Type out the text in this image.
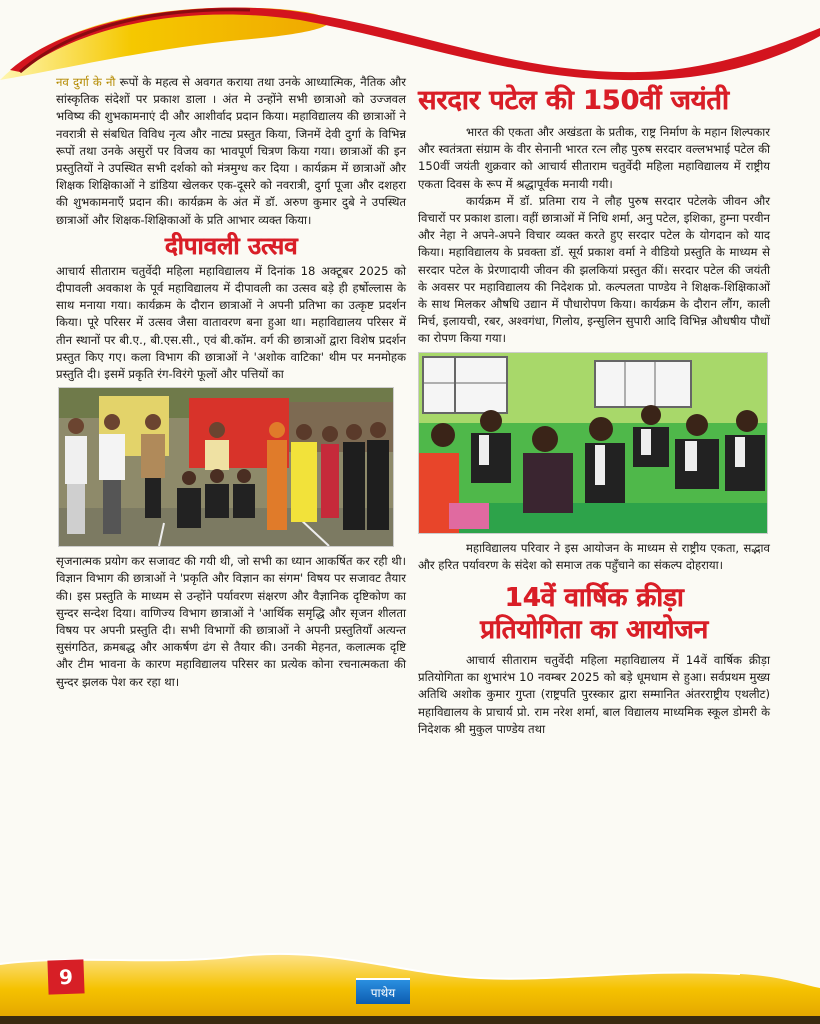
नव दुर्गा के नौ रूपों के महत्व से अवगत कराया तथा उनके आध्यात्मिक, नैतिक और सांस्कृतिक संदेशों पर प्रकाश डाला । अंत मे उन्होंने सभी छात्राओ को उज्जवल भविष्य की शुभकामनाएं दी और आशीर्वाद प्रदान किया। महाविद्यालय की छात्राओं ने नवरात्री से संबधित विविध नृत्य और नाट्य प्रस्तुत किया, जिनमें देवी दुर्गा के विभिन्न रूपों तथा उनके असुरों पर विजय का भावपूर्ण चित्रण किया गया। छात्राओं की इन प्रस्तुतियों ने उपस्थित सभी दर्शको को मंत्रमुग्ध कर दिया । कार्यक्रम में छात्राओं और शिक्षक शिक्षिकाओं ने डांडिया खेलकर एक-दूसरे को नवरात्री, दुर्गा पूजा और दशहरा की शुभकामनाएँ प्रदान की। कार्यक्रम के अंत में डॉ. अरुण कुमार दुबे ने उपस्थित छात्राओं और शिक्षक-शिक्षिकाओं के प्रति आभार व्यक्त किया।

दीपावली उत्सव

आचार्य सीताराम चतुर्वेदी महिला महाविद्यालय में दिनांक 18 अक्टूबर 2025 को दीपावली अवकाश के पूर्व महाविद्यालय में दीपावली का उत्सव बड़े ही हर्षोल्लास के साथ मनाया गया। कार्यक्रम के दौरान छात्राओं ने अपनी प्रतिभा का उत्कृष्ट प्रदर्शन किया। पूरे परिसर में उत्सव जैसा वातावरण बना हुआ था। महाविद्यालय परिसर में तीन स्थानों पर बी.ए., बी.एस.सी., एवं बी.कॉम. वर्ग की छात्राओं द्वारा विशेष प्रदर्शन प्रस्तुत किए गए। कला विभाग की छात्राओं ने 'अशोक वाटिका' थीम पर मनमोहक प्रस्तुति दी। इसमें प्रकृति रंग-विरंगे फूलों और पत्तियों का

सृजनात्मक प्रयोग कर सजावट की गयी थी, जो सभी का ध्यान आकर्षित कर रही थी। विज्ञान विभाग की छात्राओं ने 'प्रकृति और विज्ञान का संगम' विषय पर सजावट तैयार की। इस प्रस्तुति के माध्यम से उन्होंने पर्यावरण संक्षरण और वैज्ञानिक दृष्टिकोण का सुन्दर सन्देश दिया। वाणिज्य विभाग छात्राओं ने 'आर्थिक समृद्धि और सृजन शीलता विषय पर अपनी प्रस्तुति दी। सभी विभागों की छात्राओं ने अपनी प्रस्तुतियाँ अत्यन्त सुसंगठित, क्रमबद्ध और आकर्षण ढंग से तैयार की। उनकी मेहनत, कलात्मक दृष्टि और टीम भावना के कारण महाविद्यालय परिसर का प्रत्येक कोना रचनात्मकता की सुन्दर झलक पेश कर रहा था।

सरदार पटेल की 150वीं जयंती

भारत की एकता और अखंडता के प्रतीक, राष्ट्र निर्माण के महान शिल्पकार और स्वतंत्रता संग्राम के वीर सेनानी भारत रत्न लौह पुरुष सरदार वल्लभभाई पटेल की 150वीं जयंती शुक्रवार को आचार्य सीताराम चतुर्वेदी महिला महाविद्यालय में राष्ट्रीय एकता दिवस के रूप में श्रद्धापूर्वक मनायी गयी।

कार्यक्रम में डॉ. प्रतिमा राय ने लौह पुरुष सरदार पटेलके जीवन और विचारों पर प्रकाश डाला। वहीं छात्राओं में निधि शर्मा, अनु पटेल, इशिका, हुम्ना परवीन और नेहा ने अपने-अपने विचार व्यक्त करते हुए सरदार पटेल के योगदान को याद किया। महाविद्यालय के प्रवक्ता डॉ. सूर्य प्रकाश वर्मा ने वीडियो प्रस्तुति के माध्यम से सरदार पटेल के प्रेरणादायी जीवन की झलकियां प्रस्तुत कीं। सरदार पटेल की जयंती के अवसर पर महाविद्यालय की निदेशक प्रो. कल्पलता पाण्डेय ने शिक्षक-शिक्षिकाओं के साथ मिलकर औषधि उद्यान में पौधारोपण किया। कार्यक्रम के दौरान लौंग, काली मिर्च, इलायची, रबर, अश्वगंधा, गिलोय, इन्सुलिन सुपारी आदि विभिन्न औधषीय पौधों का रोपण किया गया।

महाविद्यालय परिवार ने इस आयोजन के माध्यम से राष्ट्रीय एकता, सद्भाव और हरित पर्यावरण के संदेश को समाज तक पहुँचाने का संकल्प दोहराया।

14वें वार्षिक क्रीड़ा
प्रतियोगिता का आयोजन

आचार्य सीताराम चतुर्वेदी महिला महाविद्यालय में 14वें वार्षिक क्रीड़ा प्रतियोगिता का शुभारंभ 10 नवम्बर 2025 को बड़े धूमधाम से हुआ। सर्वप्रथम मुख्य अतिथि अशोक कुमार गुप्ता (राष्ट्रपति पुरस्कार द्वारा सम्मानित अंतरराष्ट्रीय एथलीट) महाविद्यालय के प्राचार्य प्रो. राम नरेश शर्मा, बाल विद्यालय माध्यमिक स्कूल डोमरी के निदेशक श्री मुकुल पाण्डेय तथा

9
पाथेय
